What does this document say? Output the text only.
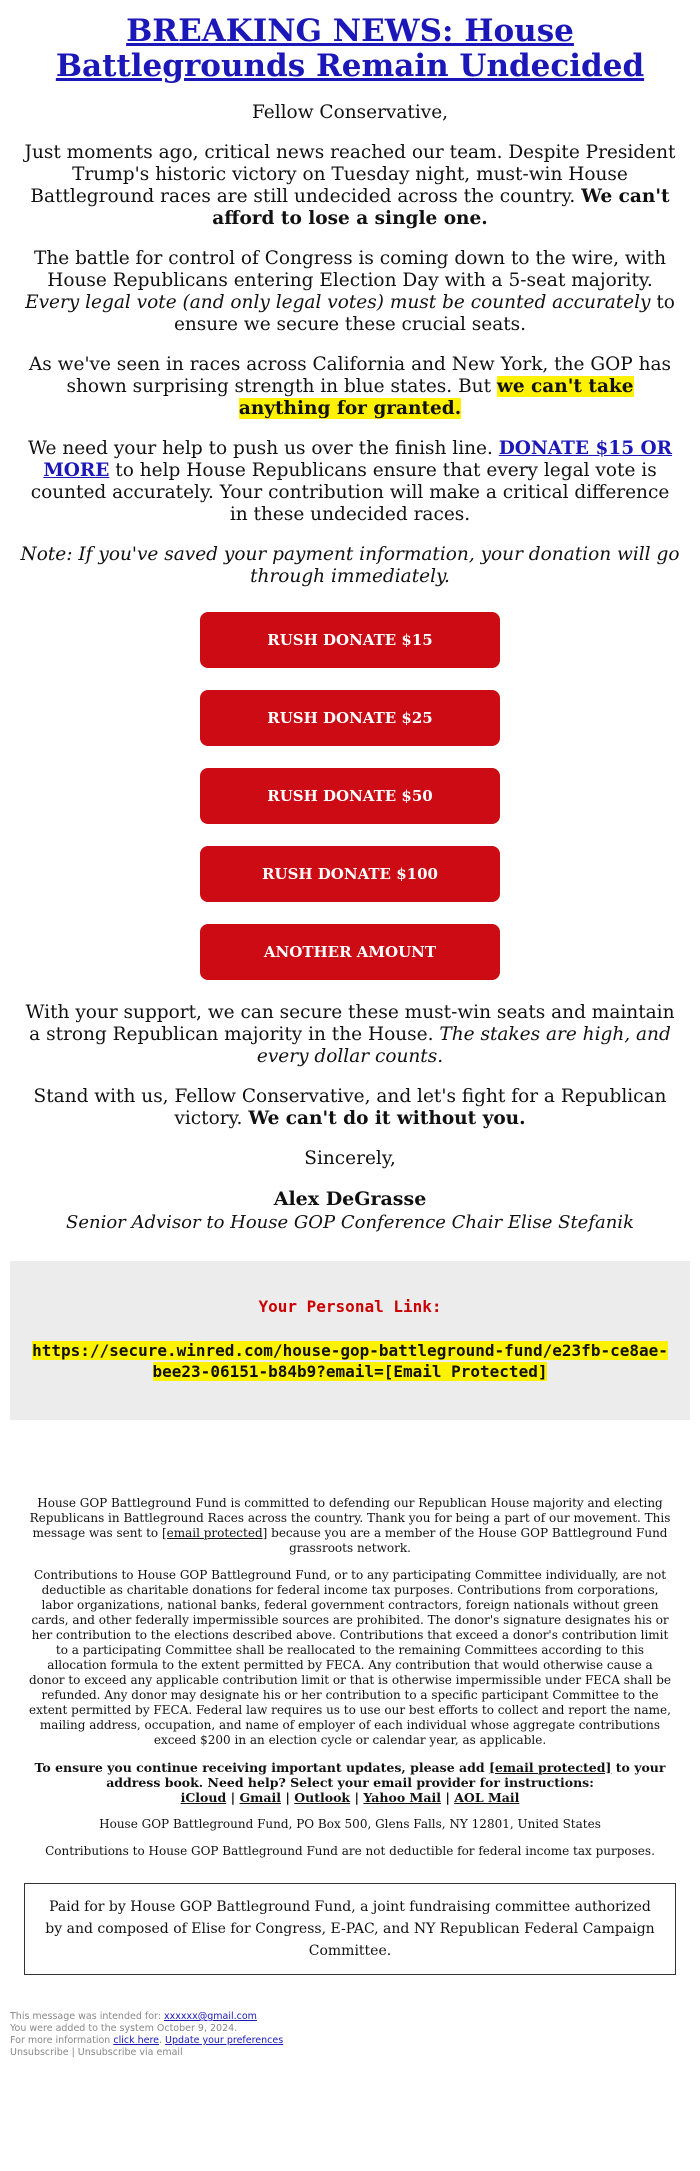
BREAKING NEWS: House Battlegrounds Remain Undecided

Fellow Conservative,

Just moments ago, critical news reached our team. Despite President Trump's historic victory on Tuesday night, must-win House Battleground races are still undecided across the country. We can't afford to lose a single one.

The battle for control of Congress is coming down to the wire, with House Republicans entering Election Day with a 5-seat majority. Every legal vote (and only legal votes) must be counted accurately to ensure we secure these crucial seats.

As we've seen in races across California and New York, the GOP has shown surprising strength in blue states. But we can't take anything for granted.

We need your help to push us over the finish line. DONATE $15 OR MORE to help House Republicans ensure that every legal vote is counted accurately. Your contribution will make a critical difference in these undecided races.

Note: If you've saved your payment information, your donation will go through immediately.

RUSH DONATE $15
RUSH DONATE $25
RUSH DONATE $50
RUSH DONATE $100
ANOTHER AMOUNT

With your support, we can secure these must-win seats and maintain a strong Republican majority in the House. The stakes are high, and every dollar counts.

Stand with us, Fellow Conservative, and let's fight for a Republican victory. We can't do it without you.

Sincerely,

Alex DeGrasse

Senior Advisor to House GOP Conference Chair Elise Stefanik

Your Personal Link:
https://secure.winred.com/house-gop-battleground-fund/e23fb-ce8ae-bee23-06151-b84b9?email=[Email Protected]

House GOP Battleground Fund is committed to defending our Republican House majority and electing Republicans in Battleground Races across the country. Thank you for being a part of our movement. This message was sent to [email protected] because you are a member of the House GOP Battleground Fund grassroots network.

Contributions to House GOP Battleground Fund, or to any participating Committee individually, are not deductible as charitable donations for federal income tax purposes. Contributions from corporations, labor organizations, national banks, federal government contractors, foreign nationals without green cards, and other federally impermissible sources are prohibited. The donor's signature designates his or her contribution to the elections described above. Contributions that exceed a donor's contribution limit to a participating Committee shall be reallocated to the remaining Committees according to this allocation formula to the extent permitted by FECA. Any contribution that would otherwise cause a donor to exceed any applicable contribution limit or that is otherwise impermissible under FECA shall be refunded. Any donor may designate his or her contribution to a specific participant Committee to the extent permitted by FECA. Federal law requires us to use our best efforts to collect and report the name, mailing address, occupation, and name of employer of each individual whose aggregate contributions exceed $200 in an election cycle or calendar year, as applicable.

To ensure you continue receiving important updates, please add [email protected] to your address book. Need help? Select your email provider for instructions:
iCloud | Gmail | Outlook | Yahoo Mail | AOL Mail

House GOP Battleground Fund, PO Box 500, Glens Falls, NY 12801, United States

Contributions to House GOP Battleground Fund are not deductible for federal income tax purposes.

Paid for by House GOP Battleground Fund, a joint fundraising committee authorized by and composed of Elise for Congress, E-PAC, and NY Republican Federal Campaign Committee.
This message was intended for: xxxxxx@gmail.com
You were added to the system October 9, 2024.
For more information click here. Update your preferences
Unsubscribe | Unsubscribe via email
